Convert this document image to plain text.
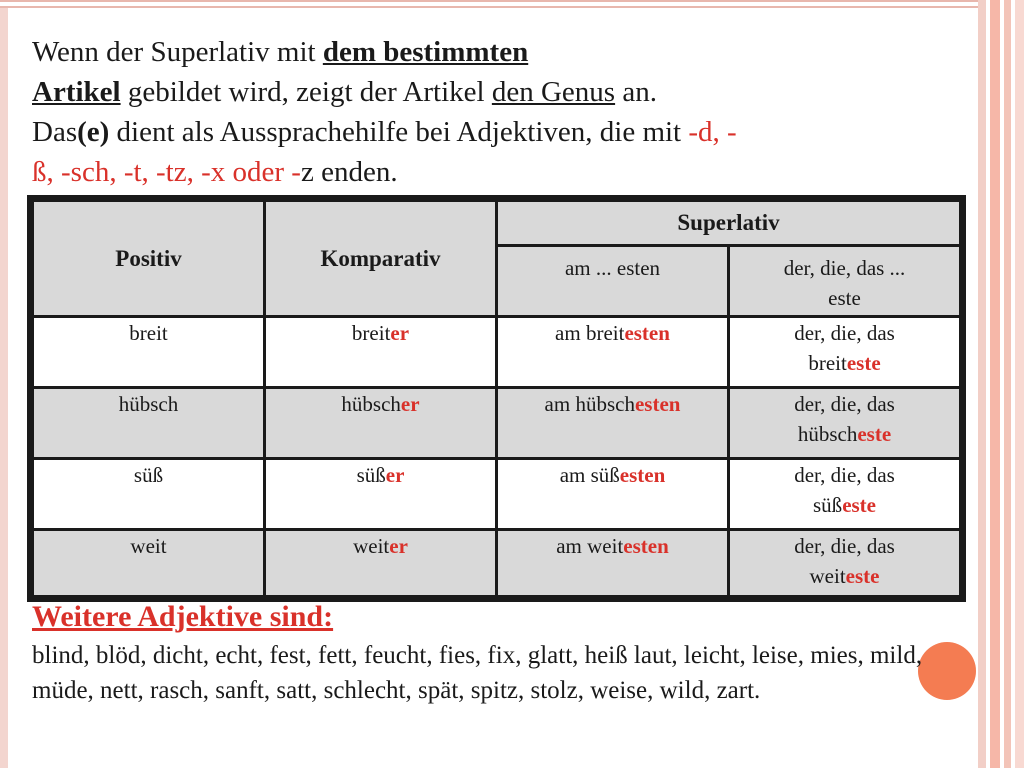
Wenn der Superlativ mit dem bestimmten

Artikel gebildet wird, zeigt der Artikel den Genus an.

Das(e) dient als Aussprachehilfe bei Adjektiven, die mit -d, -

ß, -sch, -t, -tz, -x oder -z enden.

Positiv	Komparativ	Superlativ	
		am ... esten	der, die, das ...
este
breit	breiter	am breitesten	der, die, das
breiteste
hübsch	hübscher	am hübschesten	der, die, das
hübscheste
süß	süßer	am süßesten	der, die, das
süßeste
weit	weiter	am weitesten	der, die, das
weiteste
Weitere Adjektive sind:

blind, blöd, dicht, echt, fest, fett, feucht, fies, fix, glatt, heiß laut, leicht, leise, mies, mild, müde, nett, rasch, sanft, satt, schlecht, spät, spitz, stolz, weise, wild, zart.
